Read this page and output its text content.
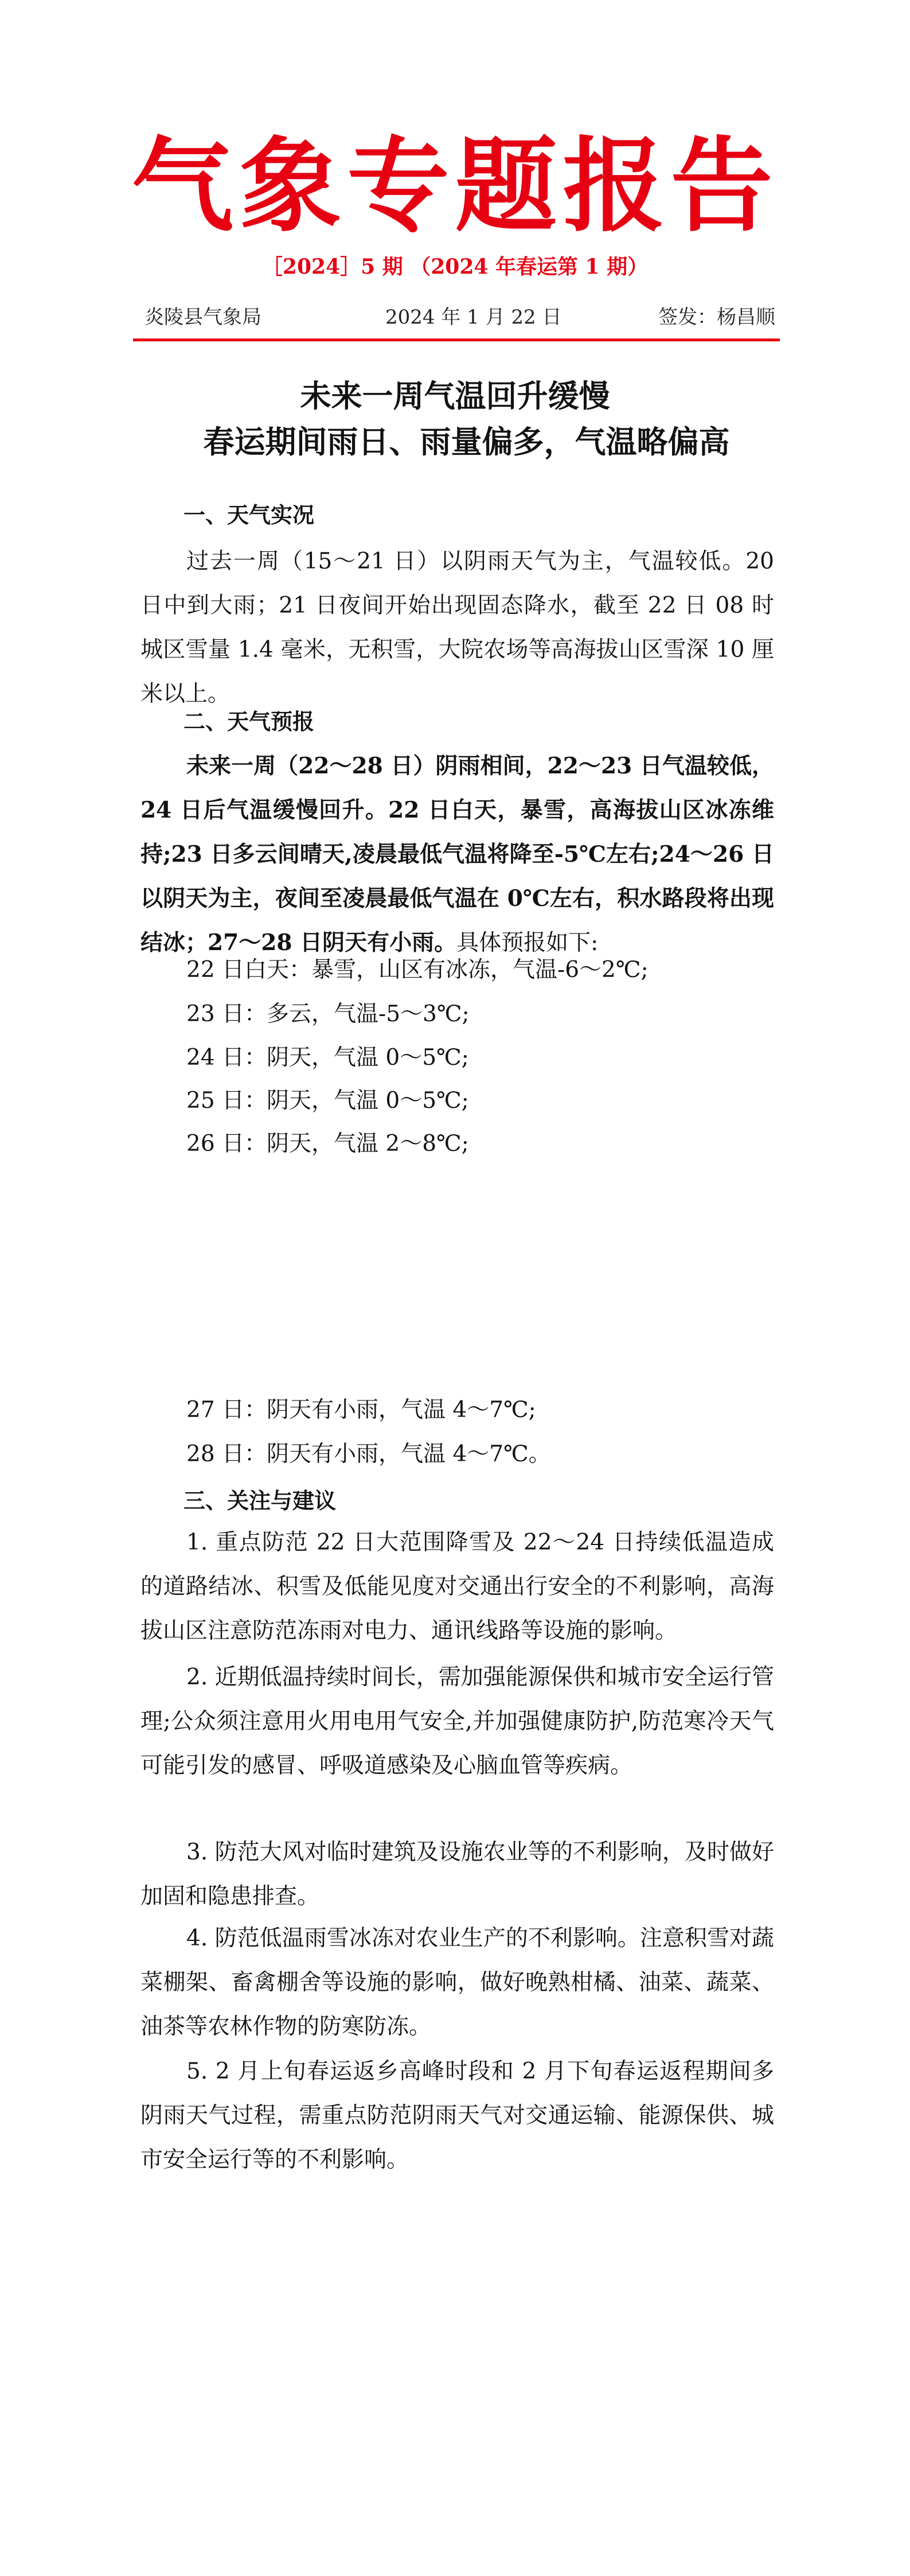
气象专题报告
［2024］5 期 （2024 年春运第 1 期）
炎陵县气象局	2024 年 1 月 22 日	签发：杨昌顺
未来一周气温回升缓慢
春运期间雨日、雨量偏多，气温略偏高
一、天气实况

过去一周（15～21 日）以阴雨天气为主，气温较低。20 日中到大雨；21 日夜间开始出现固态降水，截至 22 日 08 时城区雪量 1.4 毫米，无积雪，大院农场等高海拔山区雪深 10 厘米以上。

二、天气预报

未来一周（22～28 日）阴雨相间，22～23 日气温较低，24 日后气温缓慢回升。22 日白天，暴雪，高海拔山区冰冻维持;23 日多云间晴天,凌晨最低气温将降至-5℃左右;24～26 日以阴天为主，夜间至凌晨最低气温在 0℃左右，积水路段将出现结冰；27～28 日阴天有小雨。具体预报如下:

22 日白天：暴雪，山区有冰冻，气温-6～2℃;
23 日：多云，气温-5～3℃;
24 日：阴天，气温 0～5℃;
25 日：阴天，气温 0～5℃;
26 日：阴天，气温 2～8℃;
27 日：阴天有小雨，气温 4～7℃;
28 日：阴天有小雨，气温 4～7℃。
三、关注与建议

1. 重点防范 22 日大范围降雪及 22～24 日持续低温造成的道路结冰、积雪及低能见度对交通出行安全的不利影响，高海拔山区注意防范冻雨对电力、通讯线路等设施的影响。

2. 近期低温持续时间长，需加强能源保供和城市安全运行管理;公众须注意用火用电用气安全,并加强健康防护,防范寒冷天气可能引发的感冒、呼吸道感染及心脑血管等疾病。

3. 防范大风对临时建筑及设施农业等的不利影响，及时做好加固和隐患排查。

4. 防范低温雨雪冰冻对农业生产的不利影响。注意积雪对蔬菜棚架、畜禽棚舍等设施的影响，做好晚熟柑橘、油菜、蔬菜、油茶等农林作物的防寒防冻。

5. 2 月上旬春运返乡高峰时段和 2 月下旬春运返程期间多阴雨天气过程，需重点防范阴雨天气对交通运输、能源保供、城市安全运行等的不利影响。
